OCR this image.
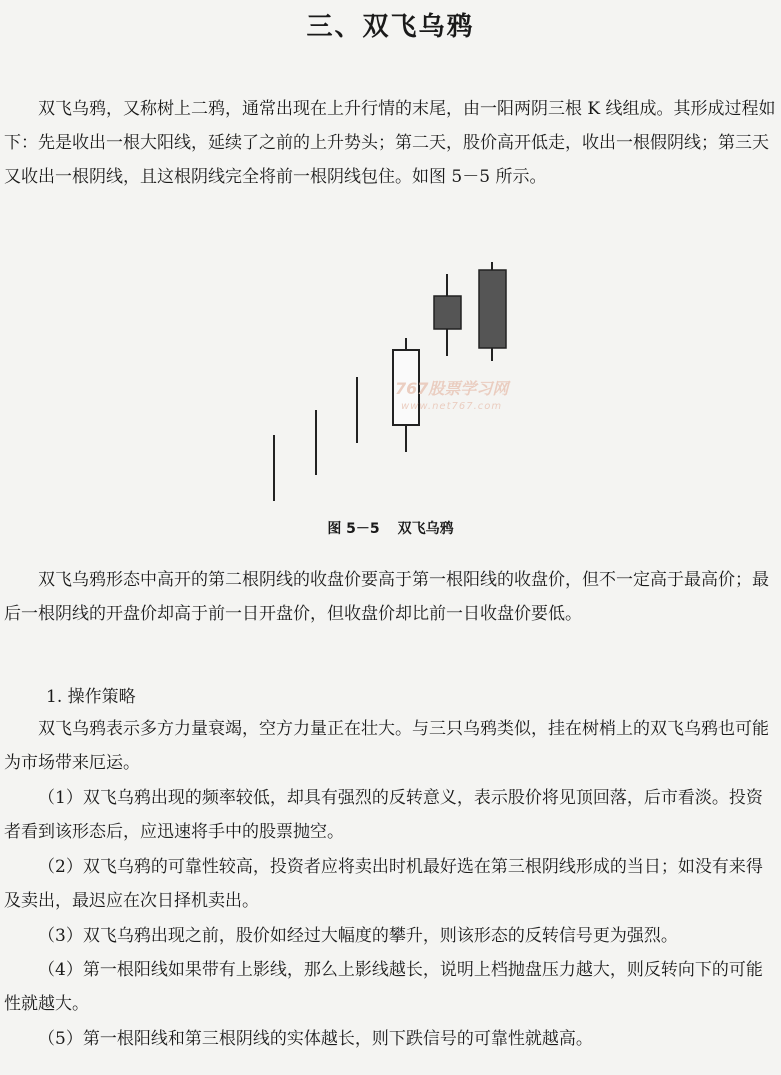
三、双飞乌鸦

双飞乌鸦，又称树上二鸦，通常出现在上升行情的末尾，由一阳两阴三根 K 线组成。其形成过程如下：先是收出一根大阳线，延续了之前的上升势头；第二天，股价高开低走，收出一根假阴线；第三天又收出一根阴线，且这根阴线完全将前一根阴线包住。如图 5－5 所示。

767股票学习网
www.net767.com
图 5－5 双飞乌鸦

双飞乌鸦形态中高开的第二根阴线的收盘价要高于第一根阳线的收盘价，但不一定高于最高价；最后一根阴线的开盘价却高于前一日开盘价，但收盘价却比前一日收盘价要低。

1. 操作策略

双飞乌鸦表示多方力量衰竭，空方力量正在壮大。与三只乌鸦类似，挂在树梢上的双飞乌鸦也可能为市场带来厄运。

（1）双飞乌鸦出现的频率较低，却具有强烈的反转意义，表示股价将见顶回落，后市看淡。投资者看到该形态后，应迅速将手中的股票抛空。

（2）双飞乌鸦的可靠性较高，投资者应将卖出时机最好选在第三根阴线形成的当日；如没有来得及卖出，最迟应在次日择机卖出。

（3）双飞乌鸦出现之前，股价如经过大幅度的攀升，则该形态的反转信号更为强烈。

（4）第一根阳线如果带有上影线，那么上影线越长，说明上档抛盘压力越大，则反转向下的可能性就越大。

（5）第一根阳线和第三根阴线的实体越长，则下跌信号的可靠性就越高。
